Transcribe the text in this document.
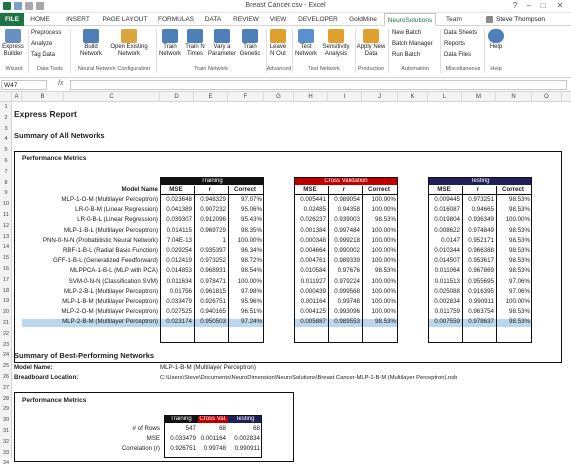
Breast Cancer.csv - Excel	?	–	□	✕
FILE	HOME	INSERT	PAGE LAYOUT FORMULAS	DATA	REVIEW	VIEW	DEVELOPER	GoldMine	NeuroSolutions	Team	Steve Thompson
Express Builder
Preprocess
Analyze
Tag Data
Build Network
Open Existing Network
Train Network
Train N Times
Vary a Parameter
Train Genetic
Leave N Out
Test Network
Sensitivity Analysis
Apply New Data
New Batch
Batch Manager
Run Batch
Data Sheets
Reports
Data Files
Help
Wizard	Data Tools	Neural Network Configuration	Train Network	Advanced	Test Network	Production	Automation	Miscellaneous	Help
W47	fx
A	B	C	D	E	F	G	H	I	J	K	L	M	N	O
1
2
3
4
5
6
7
8
9
10
11
12
13
14
15
16
17
18
19
20
21
22
23
24
25
26
27
28
29
30
31
32
33
34
Express Report
Summary of All Networks
Performance Metrics
Training	Cross Validation	Testing
Summary of Best-Performing Networks
Model Name:	MLP-1-B-M (Multilayer Perceptron)
Breadboard Location:	C:\Users\Steve\Documents\NeuroDimension\NeuroSolutions\Breast Cancer-MLP-1-B-M (Multilayer Perceptron).nsb
Performance Metrics
Training	Cross Val.	Testing
Model Name	MSE	r	Correct	MSE	r	Correct	MSE	r	Correct
MLP-1-O-M (Multilayer Perceptron)	0.023648	0.948329	97.07%	0.005441	0.989054	100.00%	0.009445	0.973251	98.53%
LR-0-B-M (Linear Regression)	0.041389	0.907232	95.06%	0.02485	0.94358	100.00%	0.016087	0.94665	98.53%
LR-0-B-L (Linear Regression)	0.039307	0.912096	95.43%	0.026237	0.939003	98.53%	0.019804	0.936349	100.00%
MLP-1-B-L (Multilayer Perceptron)	0.014115	0.969729	98.35%	0.001384	0.997484	100.00%	0.008622	0.974849	98.53%
PNN-0-N-N (Probabilistic Neural Network)	7.04E-13	1	100.00%	0.000348	0.999218	100.00%	0.0147	0.952171	98.53%
RBF-1-B-L (Radial Basis Function)	0.029254	0.935397	96.34%	0.004664	0.990002	100.00%	0.010344	0.966388	98.53%
GFF-1-B-L (Generalized Feedforward)	0.012419	0.973252	98.72%	0.004761	0.989339	100.00%	0.014507	0.953617	98.53%
MLPPCA-1-B-L (MLP with PCA)	0.014853	0.968931	98.54%	0.010584	0.97676	98.53%	0.011064	0.967869	98.53%
SVM-0-N-N (Classification SVM)	0.011634	0.978471	100.00%	0.011927	0.979224	100.00%	0.011513	0.955695	97.06%
MLP-2-B-L (Multilayer Perceptron)	0.01756	0.961815	97.98%	0.000439	0.999568	100.00%	0.025088	0.916395	97.06%
MLP-1-B-M (Multilayer Perceptron)	0.033479	0.926751	95.96%	0.001164	0.99748	100.00%	0.002834	0.990911	100.00%
MLP-2-O-M (Multilayer Perceptron)	0.027525	0.940165	96.51%	0.004125	0.993096	100.00%	0.011759	0.963754	98.53%
MLP-2-B-M (Multilayer Perceptron)	0.023174	0.950503	97.24%	0.005887	0.989553	98.53%	0.007559	0.978637	98.53%
# of Rows	547	68	68
MSE	0.033479 0.001164	0.002834
Correlation (r)	0.926751	0.99748	0.990911
